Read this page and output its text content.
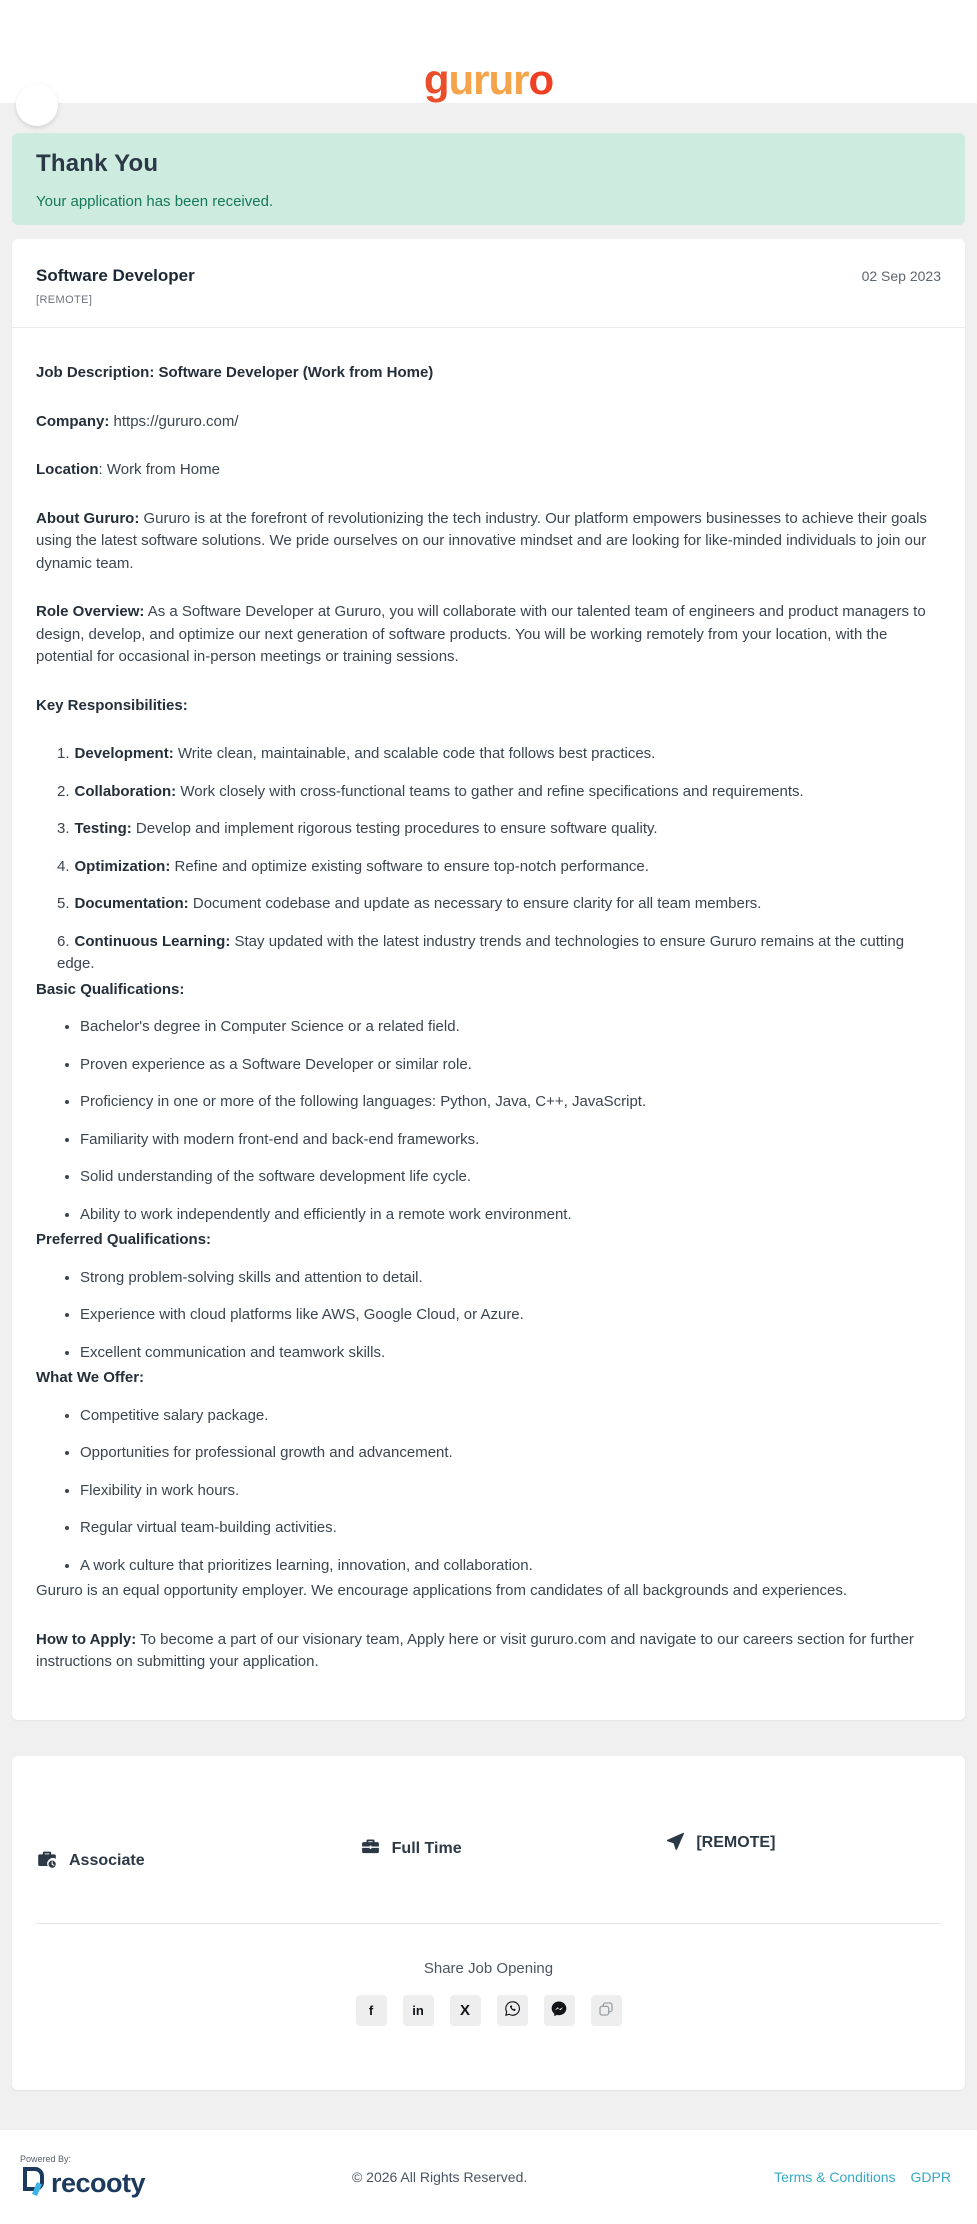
gururo
Thank You

Your application has been received.

Software Developer
[REMOTE]
02 Sep 2023

Job Description: Software Developer (Work from Home)

Company: https://gururo.com/

Location: Work from Home

About Gururo: Gururo is at the forefront of revolutionizing the tech industry. Our platform empowers businesses to achieve their goals using the latest software solutions. We pride ourselves on our innovative mindset and are looking for like-minded individuals to join our dynamic team.

Role Overview: As a Software Developer at Gururo, you will collaborate with our talented team of engineers and product managers to design, develop, and optimize our next generation of software products. You will be working remotely from your location, with the potential for occasional in-person meetings or training sessions.

Key Responsibilities:

1. Development: Write clean, maintainable, and scalable code that follows best practices.
2. Collaboration: Work closely with cross-functional teams to gather and refine specifications and requirements.
3. Testing: Develop and implement rigorous testing procedures to ensure software quality.
4. Optimization: Refine and optimize existing software to ensure top-notch performance.
5. Documentation: Document codebase and update as necessary to ensure clarity for all team members.
6. Continuous Learning: Stay updated with the latest industry trends and technologies to ensure Gururo remains at the cutting edge.

Basic Qualifications:

• Bachelor's degree in Computer Science or a related field.
• Proven experience as a Software Developer or similar role.
• Proficiency in one or more of the following languages: Python, Java, C++, JavaScript.
• Familiarity with modern front-end and back-end frameworks.
• Solid understanding of the software development life cycle.
• Ability to work independently and efficiently in a remote work environment.

Preferred Qualifications:

• Strong problem-solving skills and attention to detail.
• Experience with cloud platforms like AWS, Google Cloud, or Azure.
• Excellent communication and teamwork skills.

What We Offer:

• Competitive salary package.
• Opportunities for professional growth and advancement.
• Flexibility in work hours.
• Regular virtual team-building activities.
• A work culture that prioritizes learning, innovation, and collaboration.

Gururo is an equal opportunity employer. We encourage applications from candidates of all backgrounds and experiences.

How to Apply: To become a part of our visionary team, Apply here or visit gururo.com and navigate to our careers section for further instructions on submitting your application.

Associate
Full Time	[REMOTE]
Share Job Opening
f	in X
Powered By:
recooty	© 2026 All Rights Reserved.	Terms & Conditions GDPR
